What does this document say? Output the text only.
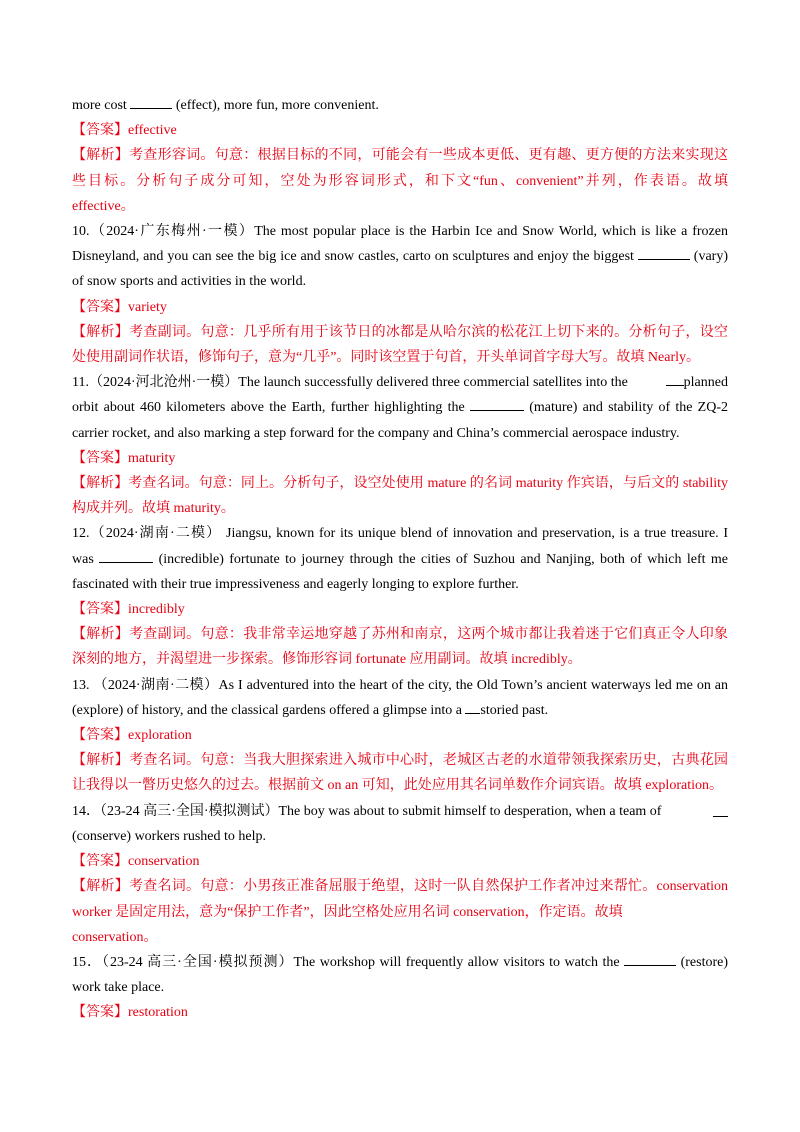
more cost	(effect), more fun, more convenient.
【答案】effective
【解析】考查形容词。句意：根据目标的不同，可能会有一些成本更低、更有趣、更方便的方法来实现这
些目标。分析句子成分可知，空处为形容词形式，和下文“fun、convenient”并列，作表语。故填
effective。
10.（2024·广东梅州·一模）The most popular place is the Harbin Ice and Snow World, which is like a frozen
Disneyland, and you can see the big ice and snow castles, carto on sculptures and enjoy the biggest	(vary)
of snow sports and activities in the world.
【答案】variety
【解析】考查副词。句意：几乎所有用于该节日的冰都是从哈尔滨的松花江上切下来的。分析句子，设空
处使用副词作状语，修饰句子，意为“几乎”。同时该空置于句首，开头单词首字母大写。故填 Nearly。
11.（2024·河北沧州·一模）The launch successfully delivered three commercial satellites into the	planned
orbit about 460 kilometers above the Earth, further highlighting the	(mature) and stability of the ZQ-2
carrier rocket, and also marking a step forward for the company and China’s commercial aerospace industry.
【答案】maturity
【解析】考查名词。句意：同上。分析句子，设空处使用 mature 的名词 maturity 作宾语，与后文的 stability
构成并列。故填 maturity。
12.（2024·湖南·二模） Jiangsu, known for its unique blend of innovation and preservation, is a true treasure. I
was	(incredible) fortunate to journey through the cities of Suzhou and Nanjing, both of which left me
fascinated with their true impressiveness and eagerly longing to explore further.
【答案】incredibly
【解析】考查副词。句意：我非常幸运地穿越了苏州和南京，这两个城市都让我着迷于它们真正令人印象
深刻的地方，并渴望进一步探索。修饰形容词 fortunate 应用副词。故填 incredibly。
13. （2024·湖南·二模）As I adventured into the heart of the city, the Old Town’s ancient waterways led me on an
(explore) of history, and the classical gardens offered a glimpse into a storied past.
【答案】exploration
【解析】考查名词。句意：当我大胆探索进入城市中心时，老城区古老的水道带领我探索历史，古典花园
让我得以一瞥历史悠久的过去。根据前文 on an 可知，此处应用其名词单数作介词宾语。故填 exploration。
14．（23-24 高三·全国·模拟测试）The boy was about to submit himself to desperation, when a team of
(conserve) workers rushed to help.
【答案】conservation
【解析】考查名词。句意：小男孩正准备屈服于绝望，这时一队自然保护工作者冲过来帮忙。conservation
worker 是固定用法，意为“保护工作者”，因此空格处应用名词 conservation，作定语。故填
conservation。
15．（23-24 高三·全国·模拟预测）The workshop will frequently allow visitors to watch the	(restore)
work take place.
【答案】restoration
